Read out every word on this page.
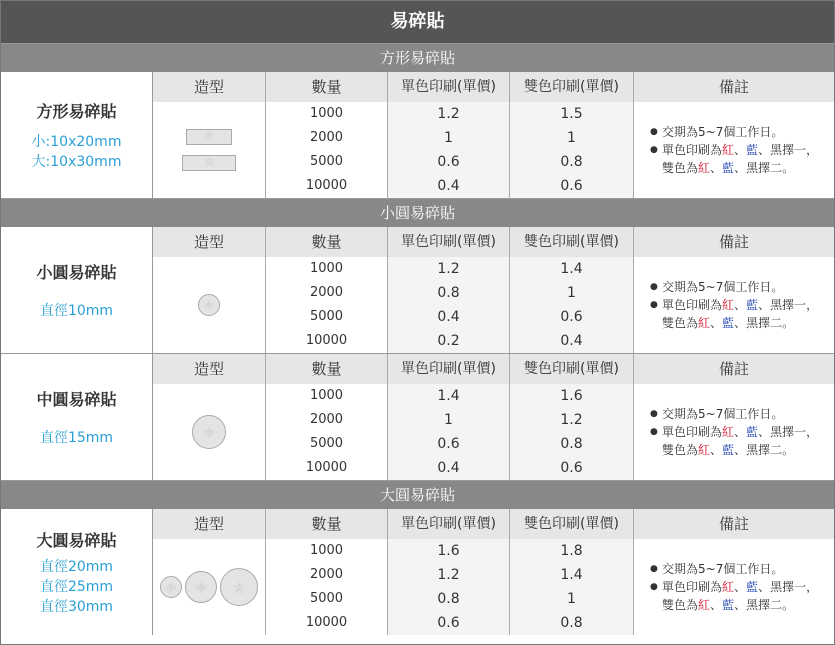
易碎貼
方形易碎貼
方形易碎貼
小:10x20mm
大:10x30mm
造型	數量	單色印刷(單價)	雙色印刷(單價)	備註
小
大
1000	1.2	1.5
● 交期為5~7個工作日。
● 單色印刷為紅、藍、黑擇一，雙色為紅、藍、黑擇二。
2000	1	1
5000	0.6	0.8
10000	0.4	0.6
小圓易碎貼
小圓易碎貼
直徑10mm
造型	數量	單色印刷(單價)	雙色印刷(單價)	備註
小
1000	1.2	1.4
● 交期為5~7個工作日。
● 單色印刷為紅、藍、黑擇一，雙色為紅、藍、黑擇二。
2000	0.8	1
5000	0.4	0.6
10000	0.2	0.4
中圓易碎貼
直徑15mm
造型	數量	單色印刷(單價)	雙色印刷(單價)	備註
中
1000	1.4	1.6
● 交期為5~7個工作日。
● 單色印刷為紅、藍、黑擇一，雙色為紅、藍、黑擇二。
2000	1	1.2
5000	0.6	0.8
10000	0.4	0.6
大圓易碎貼
大圓易碎貼
直徑20mm
直徑25mm
直徑30mm
造型	數量	單色印刷(單價)	雙色印刷(單價)	備註
小	中	大
1000	1.6	1.8
● 交期為5~7個工作日。
● 單色印刷為紅、藍、黑擇一，雙色為紅、藍、黑擇二。
2000	1.2	1.4
5000	0.8	1
10000	0.6	0.8
